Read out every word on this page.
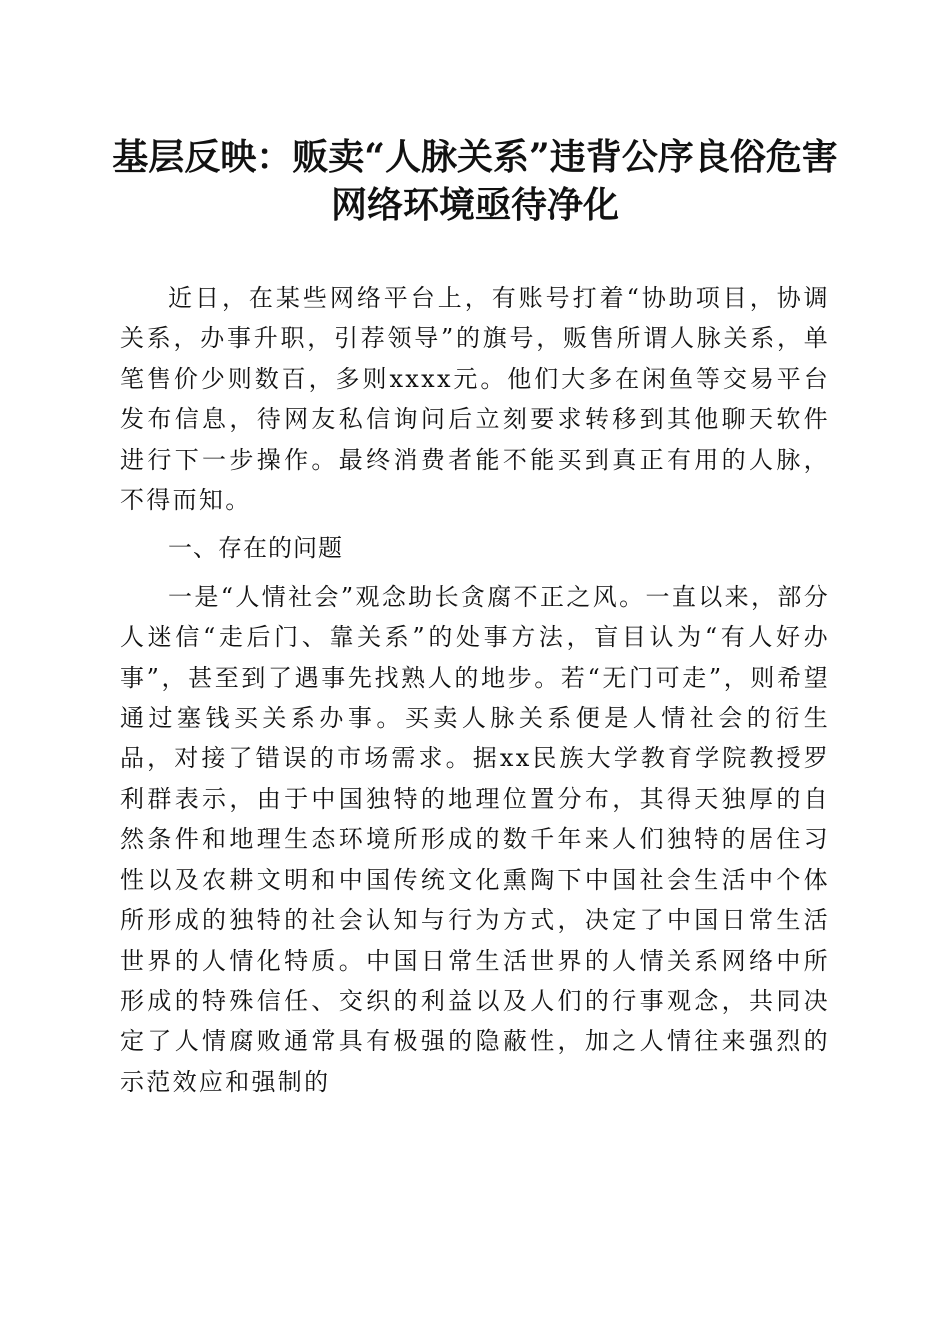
基层反映：贩卖“人脉关系”违背公序良俗危害网络环境亟待净化

近日，在某些网络平台上，有账号打着“协助项目，协调关系，办事升职，引荐领导”的旗号，贩售所谓人脉关系，单笔售价少则数百，多则xxxx元。他们大多在闲鱼等交易平台发布信息，待网友私信询问后立刻要求转移到其他聊天软件进行下一步操作。最终消费者能不能买到真正有用的人脉，不得而知。

一、存在的问题

一是“人情社会”观念助长贪腐不正之风。一直以来，部分人迷信“走后门、靠关系”的处事方法，盲目认为“有人好办事”，甚至到了遇事先找熟人的地步。若“无门可走”，则希望通过塞钱买关系办事。买卖人脉关系便是人情社会的衍生品，对接了错误的市场需求。据xx民族大学教育学院教授罗利群表示，由于中国独特的地理位置分布，其得天独厚的自然条件和地理生态环境所形成的数千年来人们独特的居住习性以及农耕文明和中国传统文化熏陶下中国社会生活中个体所形成的独特的社会认知与行为方式，决定了中国日常生活世界的人情化特质。中国日常生活世界的人情关系网络中所形成的特殊信任、交织的利益以及人们的行事观念，共同决定了人情腐败通常具有极强的隐蔽性，加之人情往来强烈的示范效应和强制的
